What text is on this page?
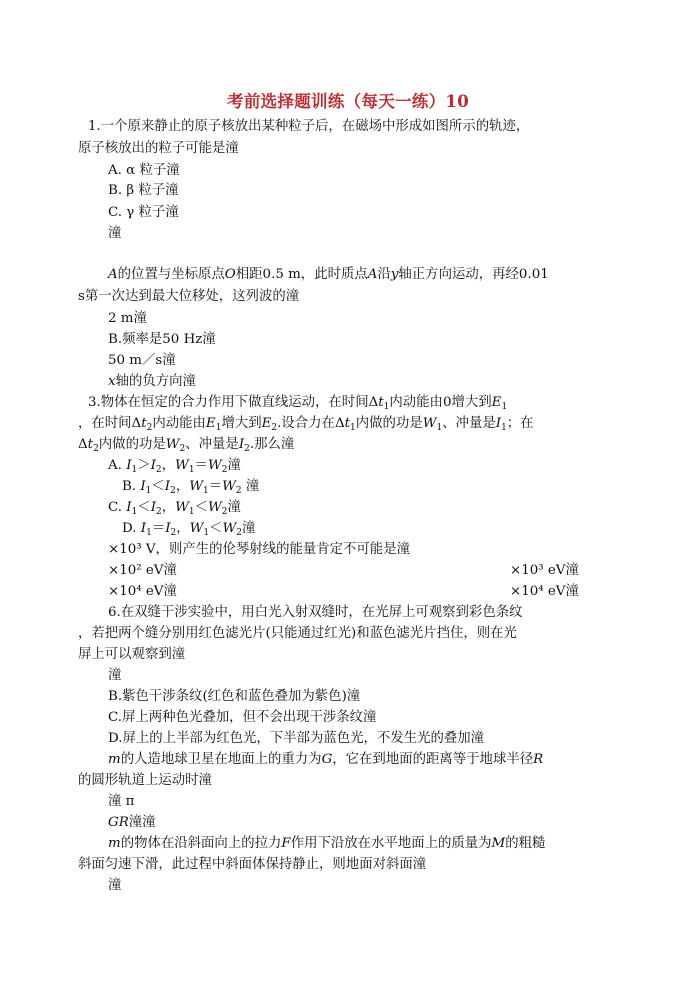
考前选择题训练（每天一练）10
1.一个原来静止的原子核放出某种粒子后，在磁场中形成如图所示的轨迹，
原子核放出的粒子可能是潼
A. α 粒子潼
B. β 粒子潼
C. γ 粒子潼
潼
A的位置与坐标原点O相距0.5 m，此时质点A沿y轴正方向运动，再经0.01
s第一次达到最大位移处，这列波的潼
2 m潼
B.频率是50 Hz潼
50 m／s潼
x轴的负方向潼
3.物体在恒定的合力作用下做直线运动，在时间$\Delta t_1$内动能由0增大到$E_1$
，在时间$\Delta t_2$内动能由$E_1$增大到$E_2$.设合力在$\Delta t_1$内做的功是$W_1$、冲量是$I_1$；在
$\Delta t_2$内做的功是$W_2$、冲量是$I_2$.那么潼
A. $I_1>I_2$，$W_1=W_2$潼
B. $I_1<I_2$，$W_1=W_2$ 潼
C. $I_1<I_2$，$W_1<W_2$潼
D. $I_1=I_2$，$W_1<W_2$潼
×10³ V，则产生的伦琴射线的能量肯定不可能是潼
×10² eV潼	×10³ eV潼
×10⁴ eV潼	×10⁴ eV潼
6.在双缝干涉实验中，用白光入射双缝时，在光屏上可观察到彩色条纹
，若把两个缝分别用红色滤光片(只能通过红光)和蓝色滤光片挡住，则在光
屏上可以观察到潼
潼
B.紫色干涉条纹(红色和蓝色叠加为紫色)潼
C.屏上两种色光叠加，但不会出现干涉条纹潼
D.屏上的上半部为红色光，下半部为蓝色光，不发生光的叠加潼
m的人造地球卫星在地面上的重力为G，它在到地面的距离等于地球半径R
的圆形轨道上运动时潼
潼 π
GR潼潼
m的物体在沿斜面向上的拉力F作用下沿放在水平地面上的质量为M的粗糙
斜面匀速下滑，此过程中斜面体保持静止，则地面对斜面潼
潼
